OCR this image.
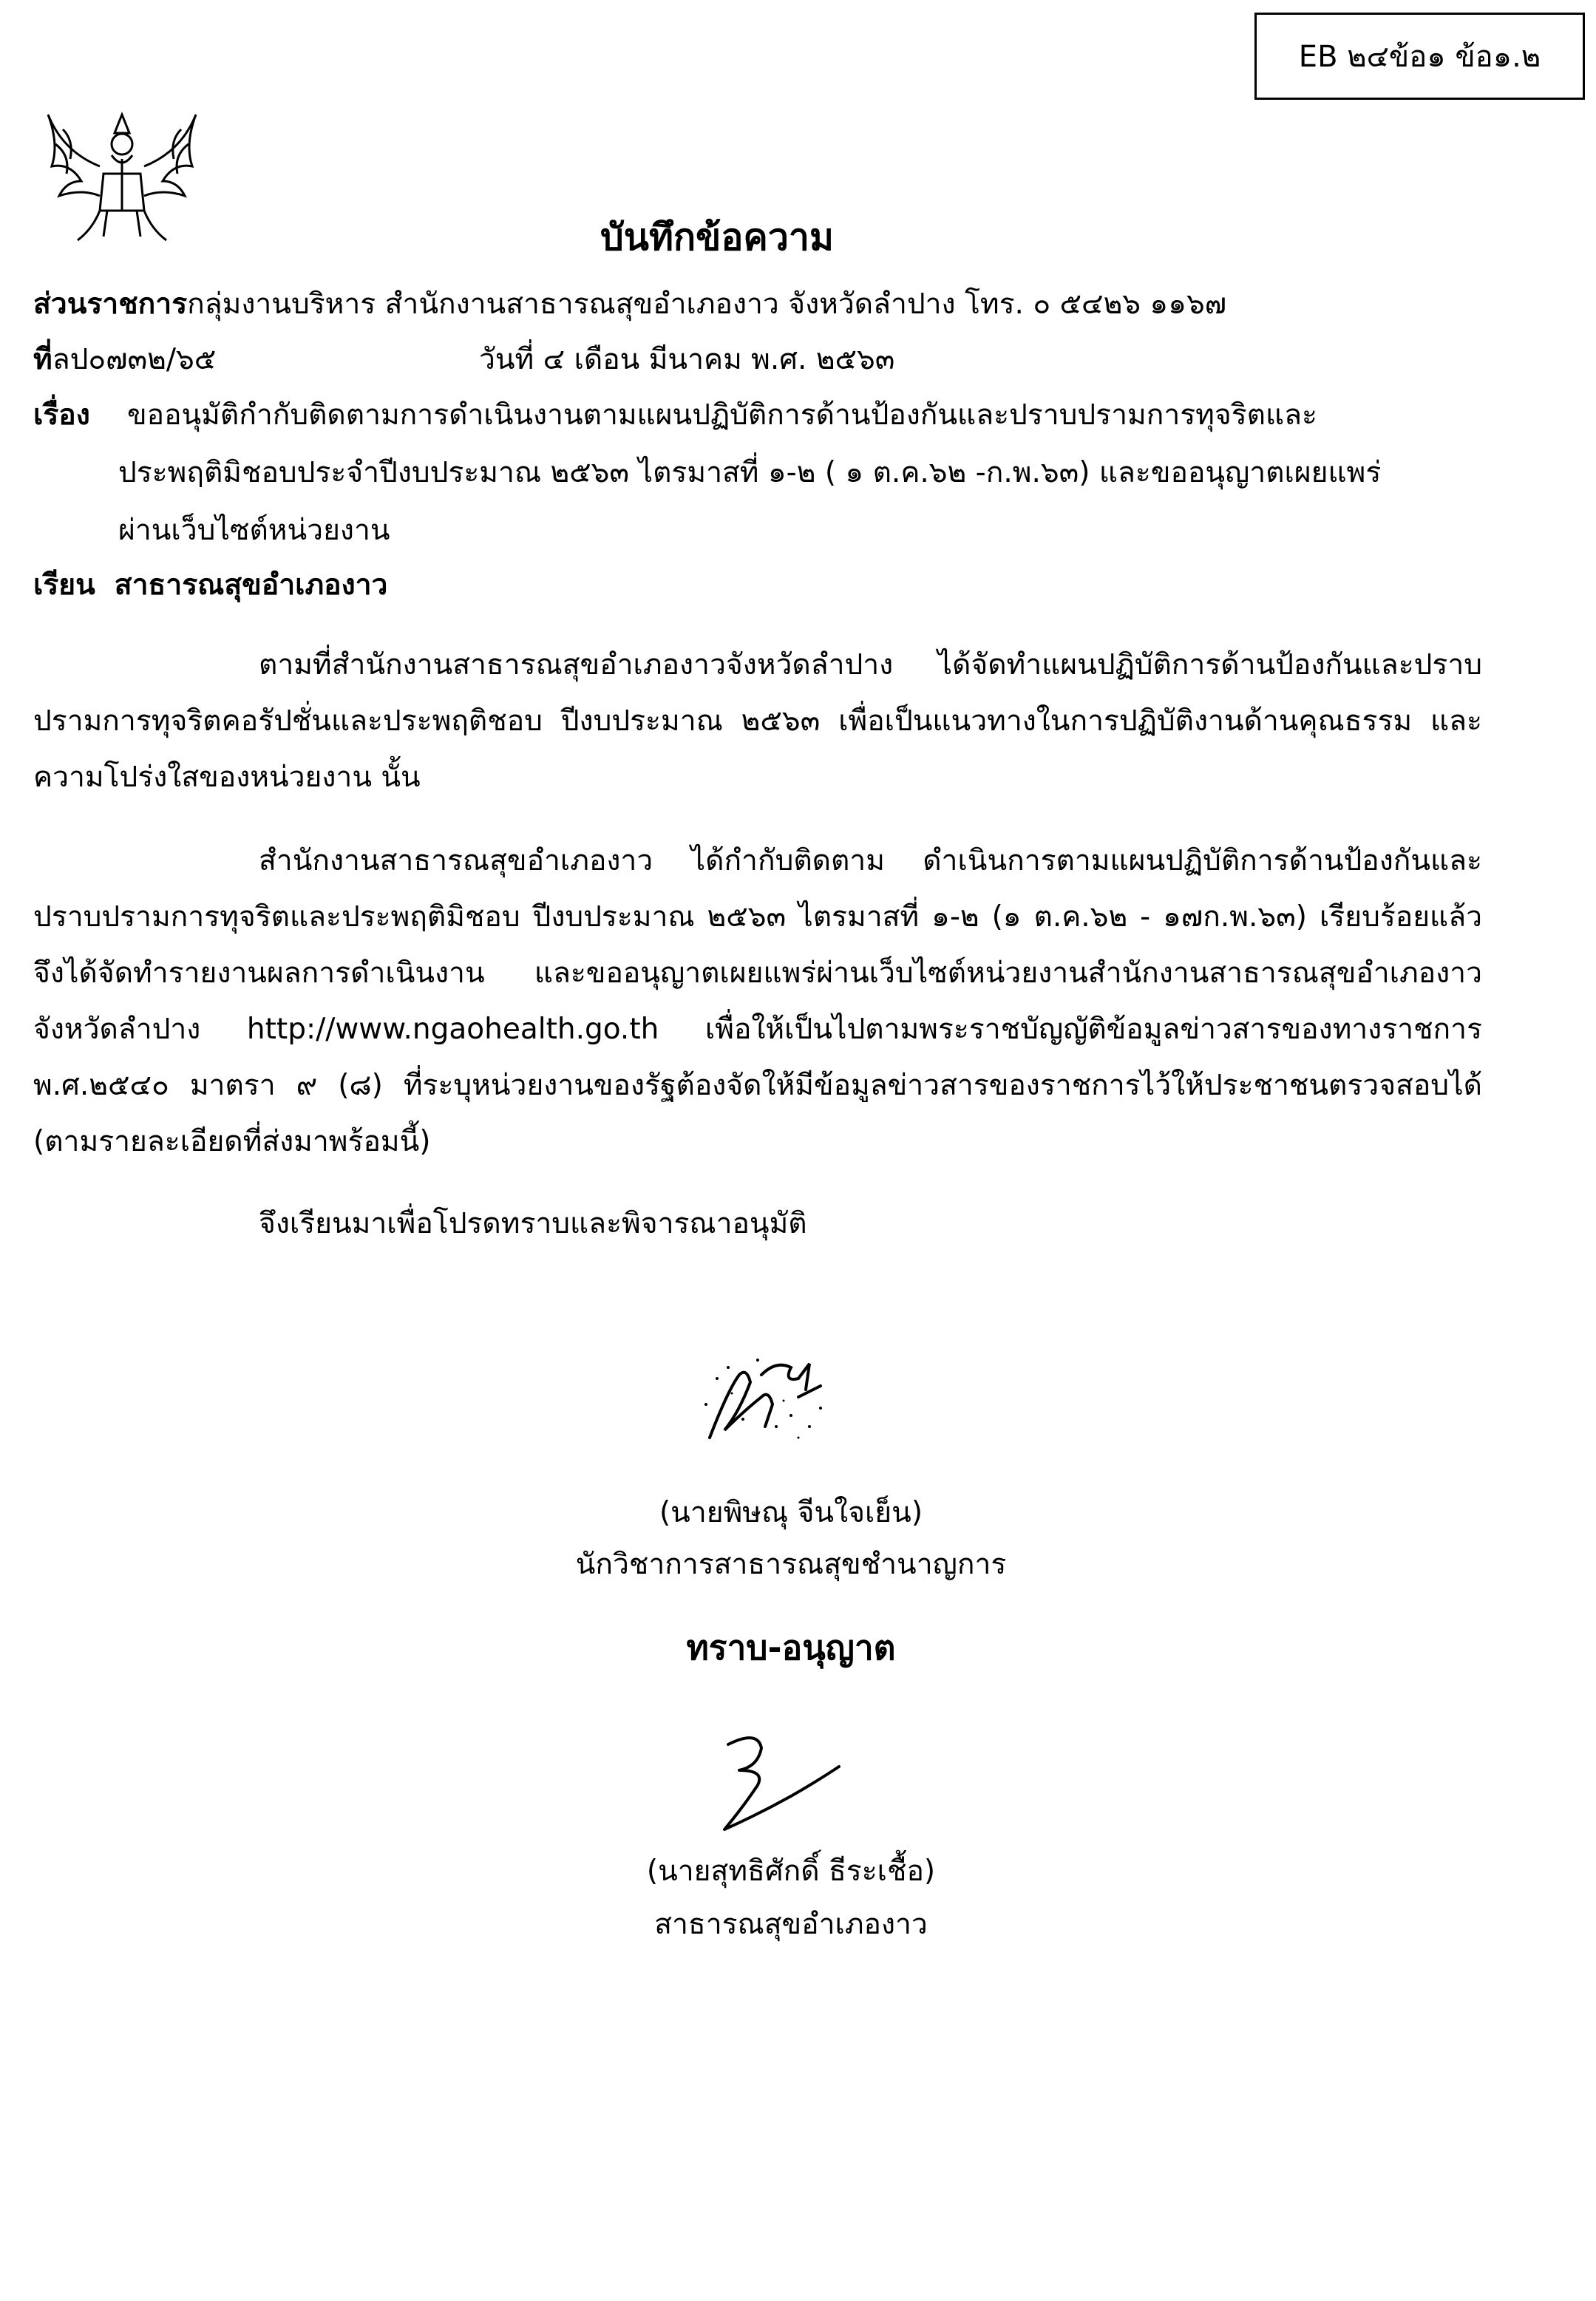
EB ๒๔ข้อ๑ ข้อ๑.๒
บันทึกข้อความ
ส่วนราชการกลุ่มงานบริหาร สำนักงานสาธารณสุขอำเภองาว จังหวัดลำปาง โทร. ๐ ๕๔๒๖ ๑๑๖๗
ที่ลป๐๗๓๒/๖๕	วันที่ ๔ เดือน มีนาคม พ.ศ. ๒๕๖๓
เรื่อง ขออนุมัติกำกับติดตามการดำเนินงานตามแผนปฏิบัติการด้านป้องกันและปราบปรามการทุจริตและ
ประพฤติมิชอบประจำปีงบประมาณ ๒๕๖๓ ไตรมาสที่ ๑-๒ ( ๑ ต.ค.๖๒ -ก.พ.๖๓) และขออนุญาตเผยแพร่
ผ่านเว็บไซต์หน่วยงาน
เรียน สาธารณสุขอำเภองาว
ตามที่สำนักงานสาธารณสุขอำเภองาวจังหวัดลำปาง ได้จัดทำแผนปฏิบัติการด้านป้องกันและปราบปรามการทุจริตคอรัปชั่นและประพฤติชอบ ปีงบประมาณ ๒๕๖๓ เพื่อเป็นแนวทางในการปฏิบัติงานด้านคุณธรรม และความโปร่งใสของหน่วยงาน นั้น
สำนักงานสาธารณสุขอำเภองาว ได้กำกับติดตาม ดำเนินการตามแผนปฏิบัติการด้านป้องกันและปราบปรามการทุจริตและประพฤติมิชอบ ปีงบประมาณ ๒๕๖๓ ไตรมาสที่ ๑-๒ (๑ ต.ค.๖๒ - ๑๗ก.พ.๖๓) เรียบร้อยแล้ว จึงได้จัดทำรายงานผลการดำเนินงาน และขออนุญาตเผยแพร่ผ่านเว็บไซต์หน่วยงานสำนักงานสาธารณสุขอำเภองาว จังหวัดลำปาง http://www.ngaohealth.go.th เพื่อให้เป็นไปตามพระราชบัญญัติข้อมูลข่าวสารของทางราชการ พ.ศ.๒๕๔๐ มาตรา ๙ (๘) ที่ระบุหน่วยงานของรัฐต้องจัดให้มีข้อมูลข่าวสารของราชการไว้ให้ประชาชนตรวจสอบได้ (ตามรายละเอียดที่ส่งมาพร้อมนี้)
จึงเรียนมาเพื่อโปรดทราบและพิจารณาอนุมัติ
(นายพิษณุ จีนใจเย็น)
นักวิชาการสาธารณสุขชำนาญการ
ทราบ-อนุญาต
(นายสุทธิศักดิ์ ธีระเชื้อ)
สาธารณสุขอำเภองาว
